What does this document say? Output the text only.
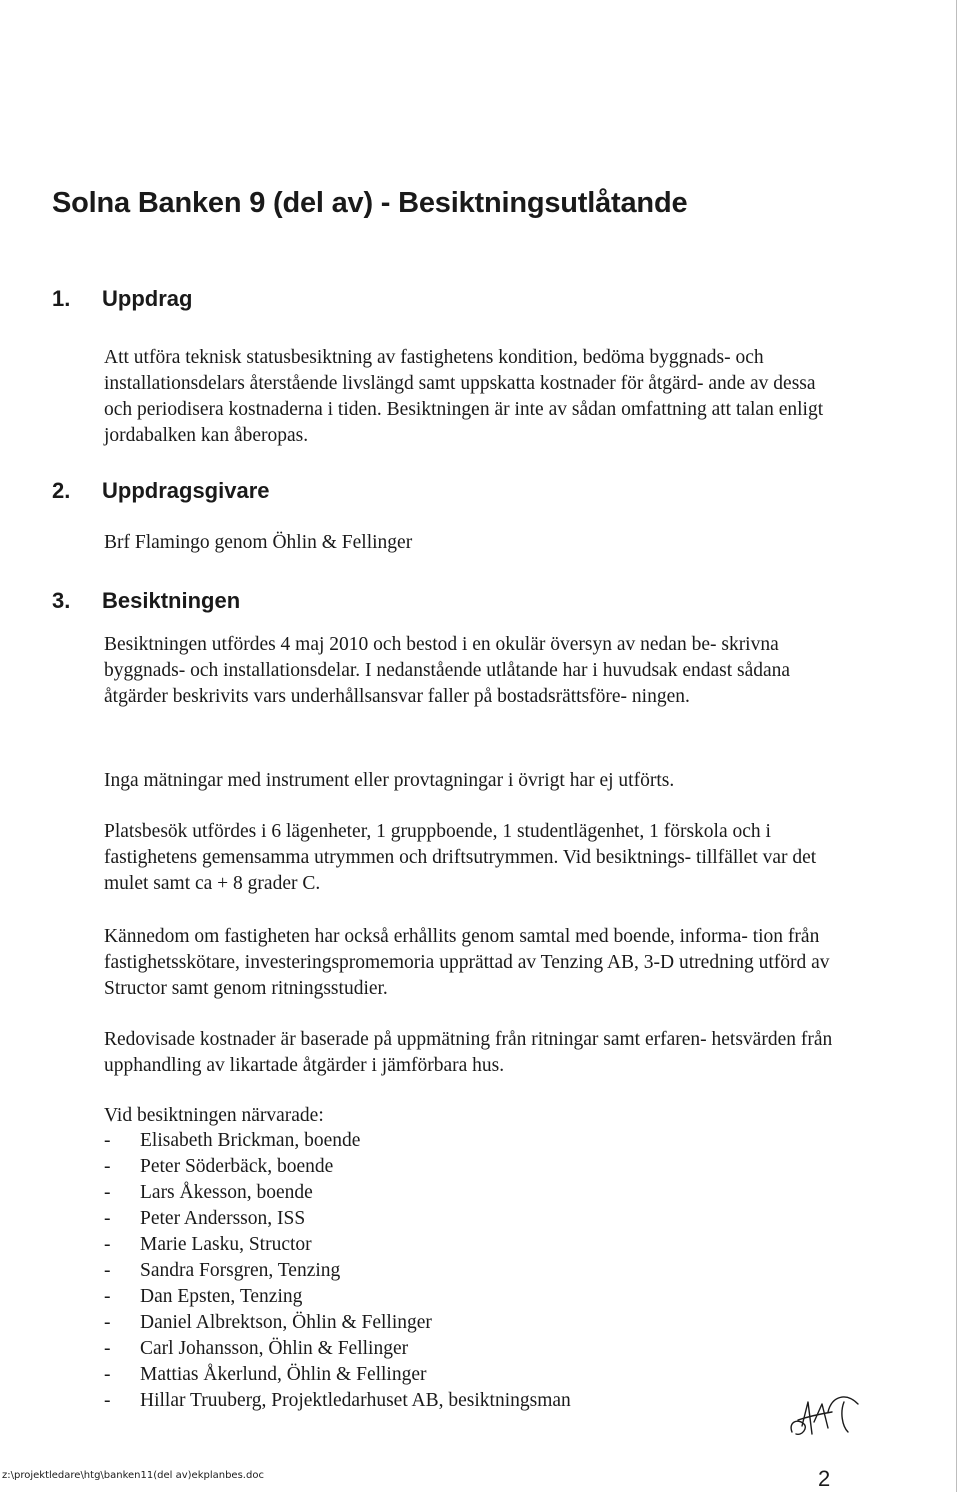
Solna Banken 9 (del av) - Besiktningsutlåtande
1. Uppdrag

Att utföra teknisk statusbesiktning av fastighetens kondition, bedöma byggnads- och installationsdelars återstående livslängd samt uppskatta kostnader för åtgärd- ande av dessa och periodisera kostnaderna i tiden. Besiktningen är inte av sådan omfattning att talan enligt jordabalken kan åberopas.

2. Uppdragsgivare

Brf Flamingo genom Öhlin & Fellinger

3. Besiktningen

Besiktningen utfördes 4 maj 2010 och bestod i en okulär översyn av nedan be- skrivna byggnads- och installationsdelar. I nedanstående utlåtande har i huvudsak endast sådana åtgärder beskrivits vars underhållsansvar faller på bostadsrättsföre- ningen.

Inga mätningar med instrument eller provtagningar i övrigt har ej utförts.

Platsbesök utfördes i 6 lägenheter, 1 gruppboende, 1 studentlägenhet, 1 förskola och i fastighetens gemensamma utrymmen och driftsutrymmen. Vid besiktnings- tillfället var det mulet samt ca + 8 grader C.

Kännedom om fastigheten har också erhållits genom samtal med boende, informa- tion från fastighetsskötare, investeringspromemoria upprättad av Tenzing AB, 3-D utredning utförd av Structor samt genom ritningsstudier.

Redovisade kostnader är baserade på uppmätning från ritningar samt erfaren- hetsvärden från upphandling av likartade åtgärder i jämförbara hus.

Vid besiktningen närvarade:

- Elisabeth Brickman, boende
- Peter Söderbäck, boende
- Lars Åkesson, boende
- Peter Andersson, ISS
- Marie Lasku, Structor
- Sandra Forsgren, Tenzing
- Dan Epsten, Tenzing
- Daniel Albrektson, Öhlin & Fellinger
- Carl Johansson, Öhlin & Fellinger
- Mattias Åkerlund, Öhlin & Fellinger
- Hillar Truuberg, Projektledarhuset AB, besiktningsman
z:\projektledare\htg\banken11(del av)ekplanbes.doc	2
